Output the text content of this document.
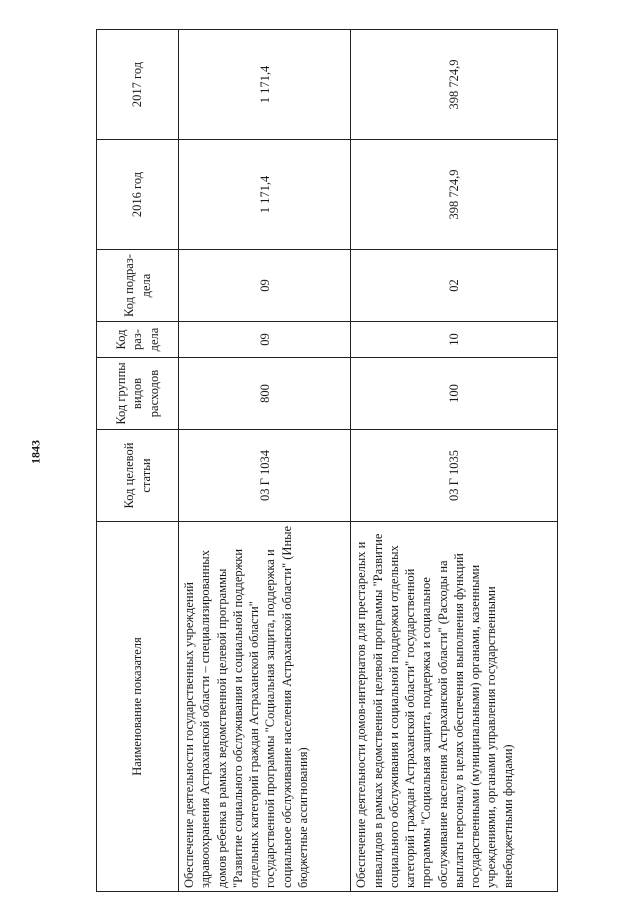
1843
Наименование показателя	Код целевой статьи	Код группы видов расходов	Код раз-дела	Код подраз-дела	2016 год	2017 год
Обеспечение деятельности государственных учреждений здравоохранения Астраханской области – специализированных домов ребенка в рамках ведомственной целевой программы "Развитие социального обслуживания и социальной поддержки отдельных категорий граждан Астраханской области" государственной программы "Социальная защита, поддержка и социальное обслуживание населения Астраханской области" (Иные бюджетные ассигнования)	03 Г 1034	800	09	09	1 171,4	1 171,4
Обеспечение деятельности домов-интернатов для престарелых и инвалидов в рамках ведомственной целевой программы "Развитие социального обслуживания и социальной поддержки отдельных категорий граждан Астраханской области" государственной программы "Социальная защита, поддержка и социальное обслуживание населения Астраханской области" (Расходы на выплаты персоналу в целях обеспечения выполнения функций государственными (муниципальными) органами, казенными учреждениями, органами управления государственными внебюджетными фондами)	03 Г 1035	100	10	02	398 724,9	398 724,9
